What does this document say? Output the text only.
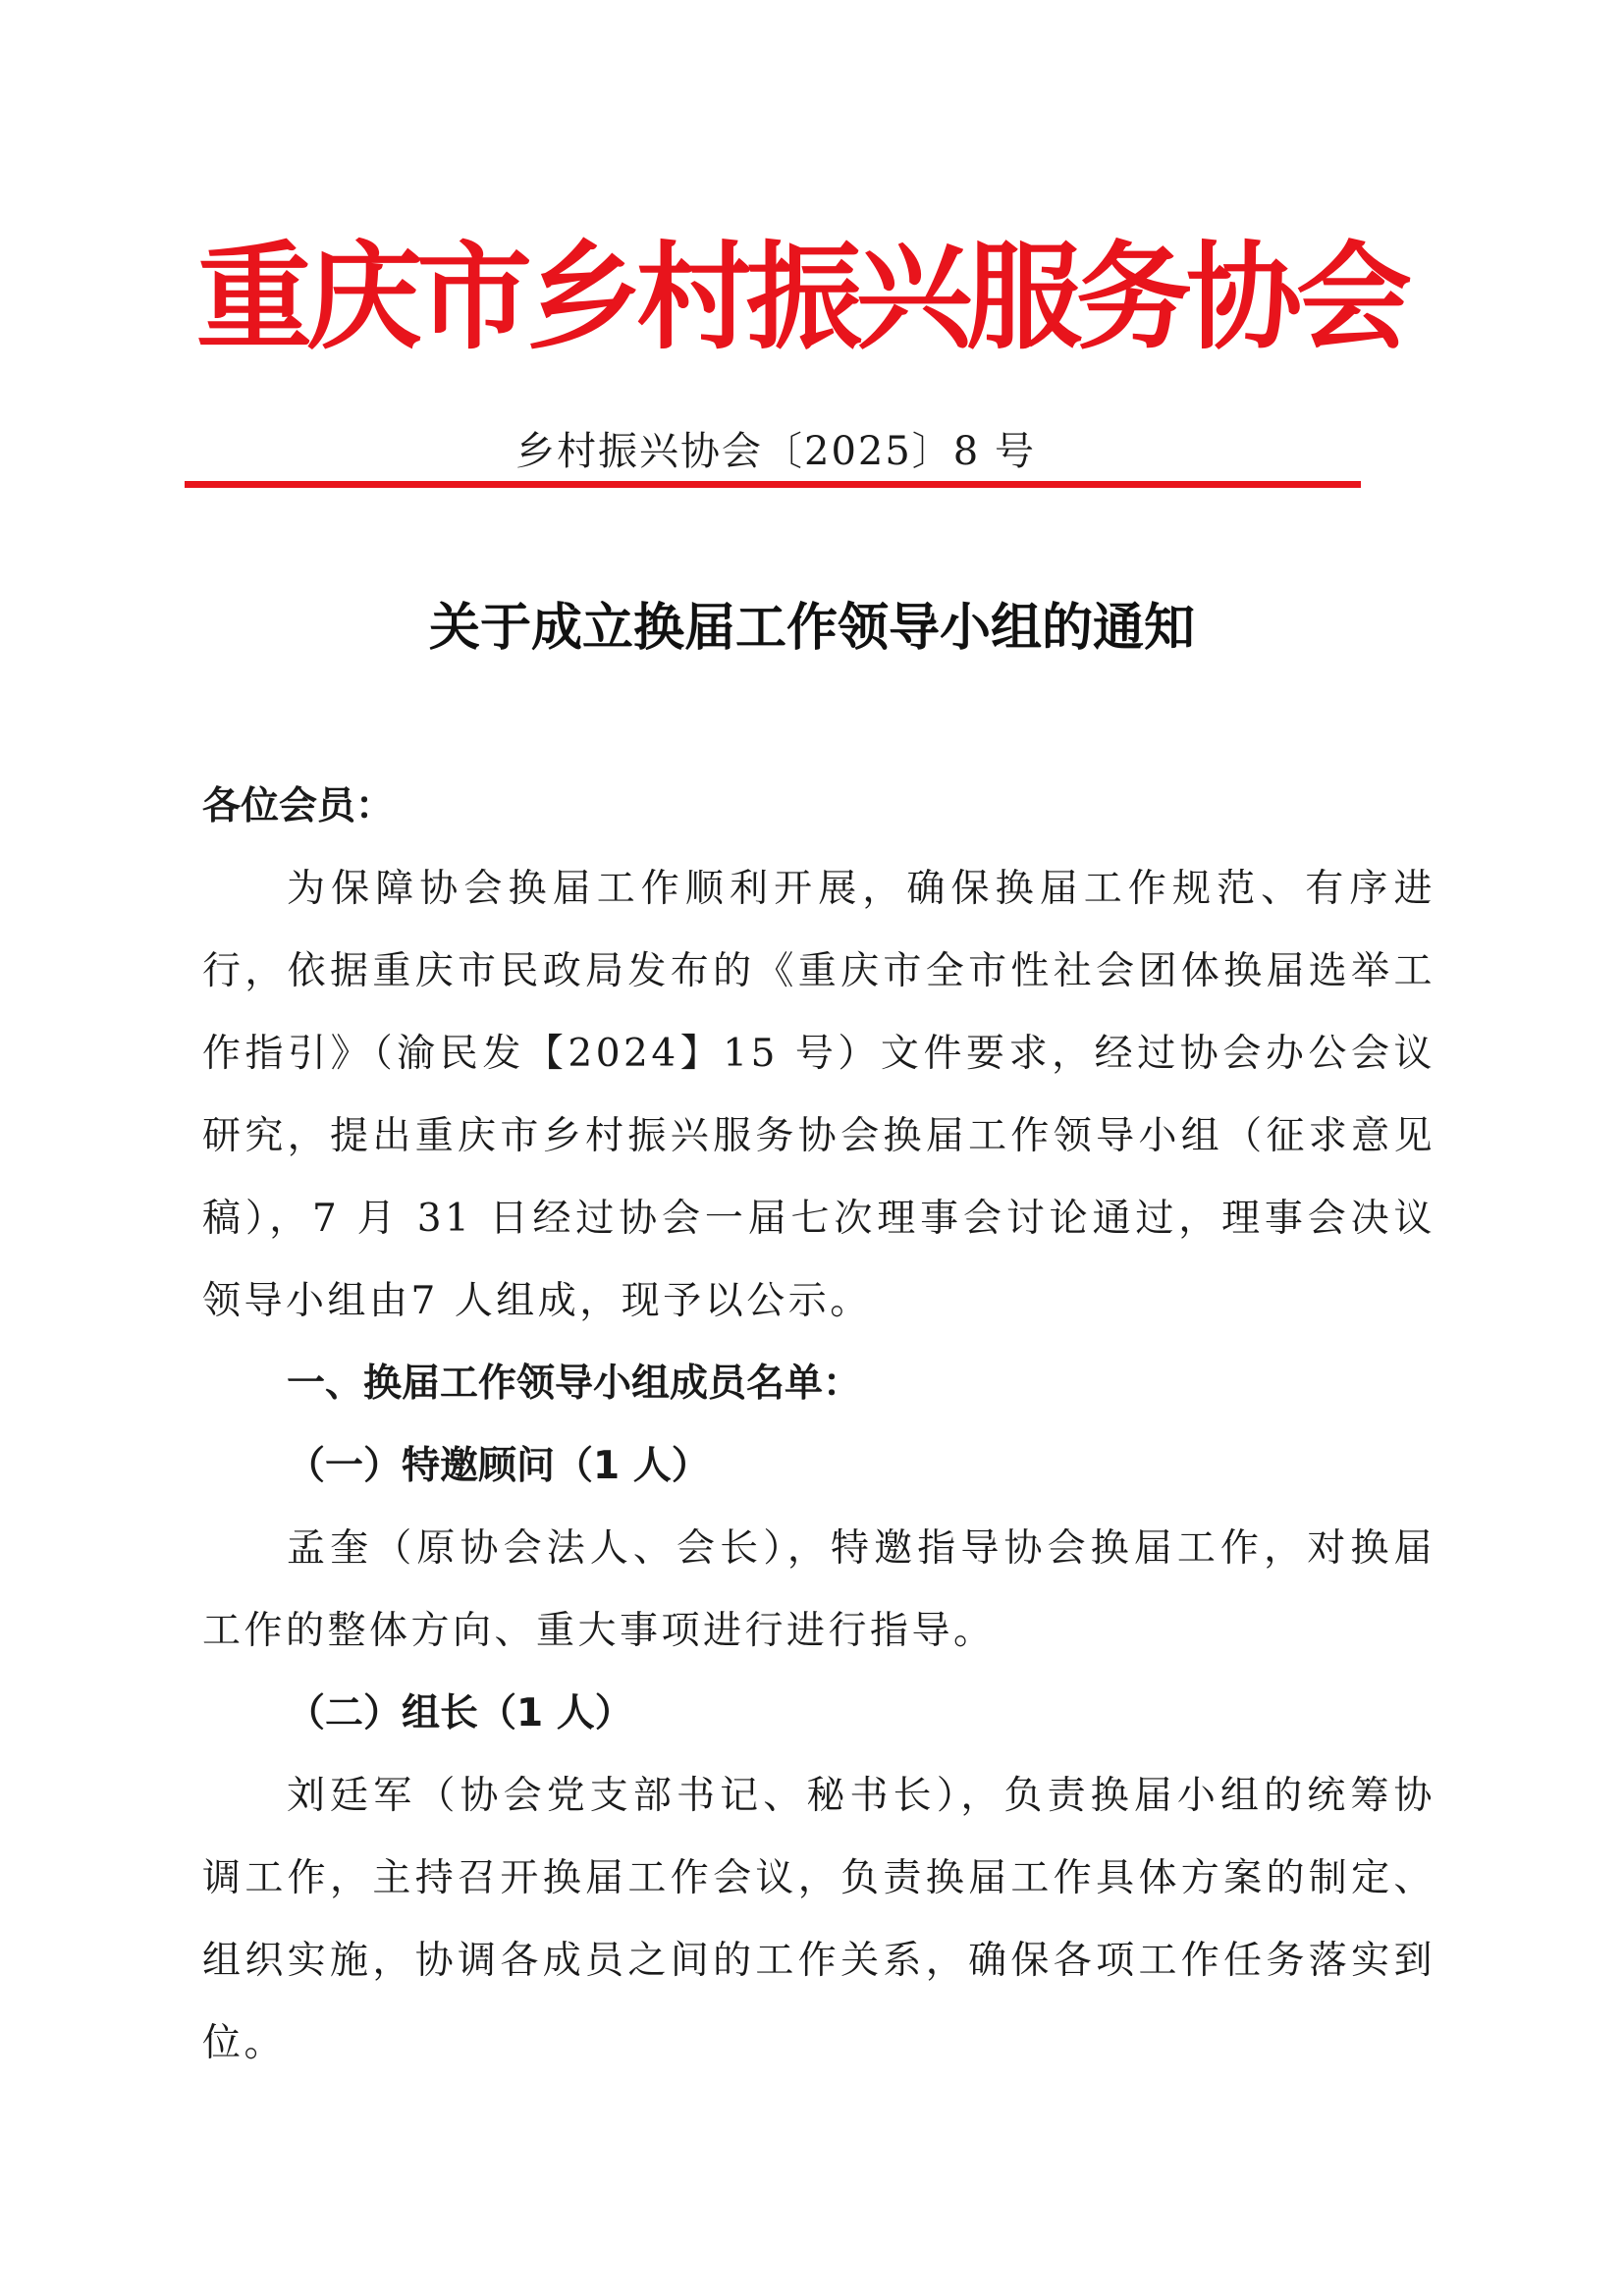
重庆市乡村振兴服务协会
乡村振兴协会〔2025〕8 号
关于成立换届工作领导小组的通知

各位会员：

为保障协会换届工作顺利开展，确保换届工作规范、有序进行，依据重庆市民政局发布的《重庆市全市性社会团体换届选举工作指引》（渝民发【2024】15 号）文件要求，经过协会办公会议研究，提出重庆市乡村振兴服务协会换届工作领导小组（征求意见稿），7 月 31 日经过协会一届七次理事会讨论通过，理事会决议领导小组由7 人组成，现予以公示。

一、换届工作领导小组成员名单：

（一）特邀顾问（1 人）

孟奎（原协会法人、会长），特邀指导协会换届工作，对换届工作的整体方向、重大事项进行进行指导。

（二）组长（1 人）

刘廷军（协会党支部书记、秘书长），负责换届小组的统筹协调工作，主持召开换届工作会议，负责换届工作具体方案的制定、组织实施，协调各成员之间的工作关系，确保各项工作任务落实到位。
